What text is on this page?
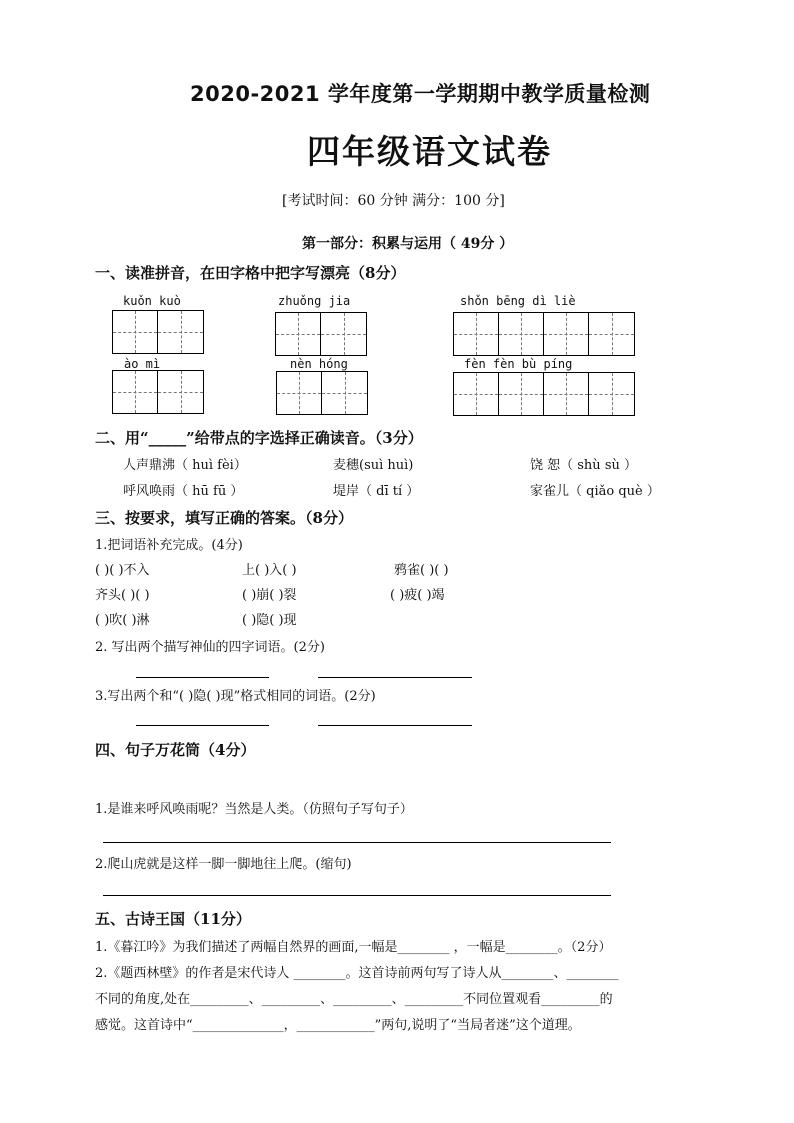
2020-2021 学年度第一学期期中教学质量检测
四年级语文试卷
[考试时间：60 分钟 满分：100 分]
第一部分：积累与运用（ 49分 ）
一、读准拼音，在田字格中把字写漂亮（8分）
kuǒn kuò	zhuǒng jia	shǒn bēng dì liè
ào mì	nèn hóng	fèn fèn bù píng
二、用“_____”给带点的字选择正确读音。（3分）
人声鼎沸（ huì fèi）	麦穗(suì huì)	饶 恕（ shù sù ）
呼风唤雨（ hū fū ）	堤岸（ dī tí ）	家雀儿（ qiǎo què ）
三、按要求，填写正确的答案。（8分）
1.把词语补充完成。(4分)
( )( )不入	上( )入( )	鸦雀( )( )
齐头( )( )	( )崩( )裂	( )疲( )竭
( )吹( )淋	( )隐( )现
2. 写出两个描写神仙的四字词语。(2分)
3.写出两个和“( )隐( )现”格式相同的词语。(2分)
四、句子万花筒（4分）
1.是谁来呼风唤雨呢？当然是人类。（仿照句子写句子）
2.爬山虎就是这样一脚一脚地往上爬。(缩句)
五、古诗王国（11分）
1.《暮江吟》为我们描述了两幅自然界的画面,一幅是________ ，一幅是________。（2分）
2.《题西林壁》的作者是宋代诗人 ________。这首诗前两句写了诗人从________、________
不同的角度,处在_________、_________、_________、_________不同位置观看_________的
感觉。这首诗中“______________，____________”两句,说明了“当局者迷”这个道理。
